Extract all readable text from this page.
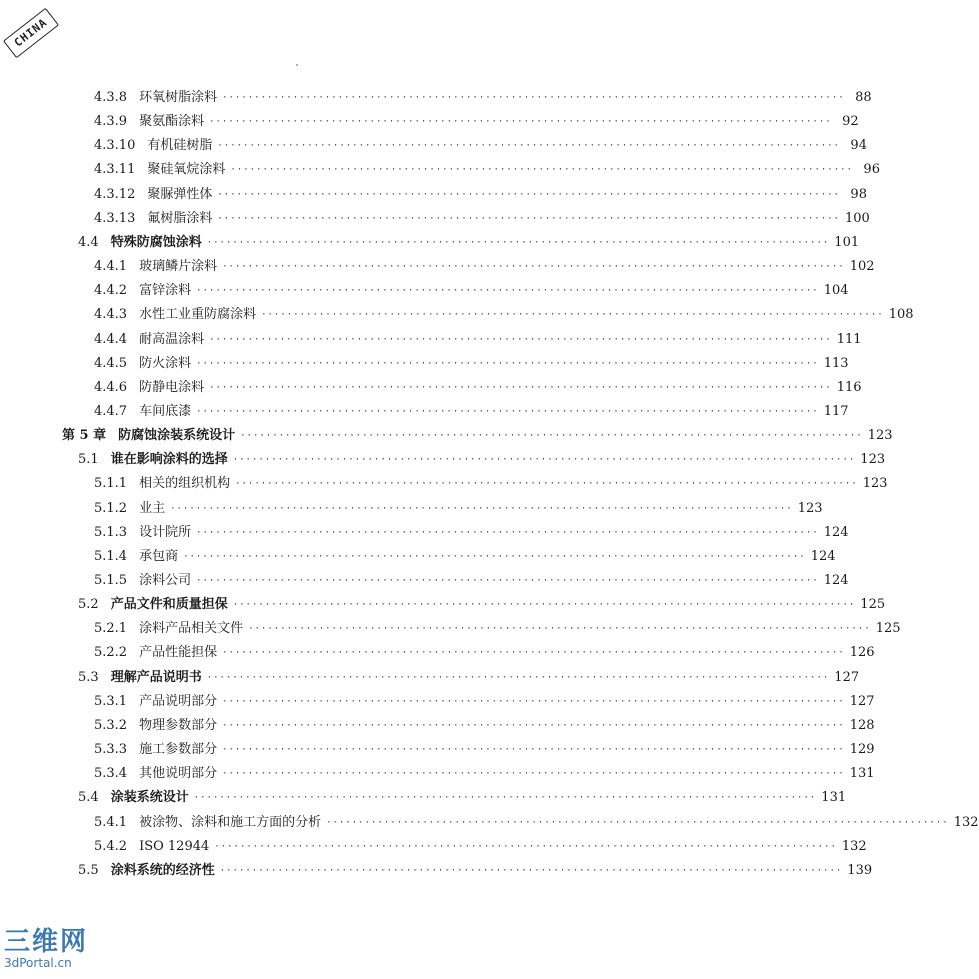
CHINA
4.3.8 环氧树脂涂料 ································································································· 88
4.3.9 聚氨酯涂料 ································································································· 92
4.3.10 有机硅树脂 ································································································· 94
4.3.11 聚硅氧烷涂料 ································································································· 96
4.3.12 聚脲弹性体 ································································································· 98
4.3.13 氟树脂涂料 ································································································· 100
4.4 特殊防腐蚀涂料 ································································································· 101
4.4.1 玻璃鳞片涂料 ································································································· 102
4.4.2 富锌涂料 ································································································· 104
4.4.3 水性工业重防腐涂料 ································································································· 108
4.4.4 耐高温涂料 ································································································· 111
4.4.5 防火涂料 ································································································· 113
4.4.6 防静电涂料 ································································································· 116
4.4.7 车间底漆 ································································································· 117
第 5 章 防腐蚀涂装系统设计 ································································································· 123
5.1 谁在影响涂料的选择 ································································································· 123
5.1.1 相关的组织机构 ································································································· 123
5.1.2 业主 ································································································· 123
5.1.3 设计院所 ································································································· 124
5.1.4 承包商 ································································································· 124
5.1.5 涂料公司 ································································································· 124
5.2 产品文件和质量担保 ································································································· 125
5.2.1 涂料产品相关文件 ································································································· 125
5.2.2 产品性能担保 ································································································· 126
5.3 理解产品说明书 ································································································· 127
5.3.1 产品说明部分 ································································································· 127
5.3.2 物理参数部分 ································································································· 128
5.3.3 施工参数部分 ································································································· 129
5.3.4 其他说明部分 ································································································· 131
5.4 涂装系统设计 ································································································· 131
5.4.1 被涂物、涂料和施工方面的分析 ································································································· 132
5.4.2 ISO 12944 ································································································· 132
5.5 涂料系统的经济性 ································································································· 139
三维网
3dPortal.cn
